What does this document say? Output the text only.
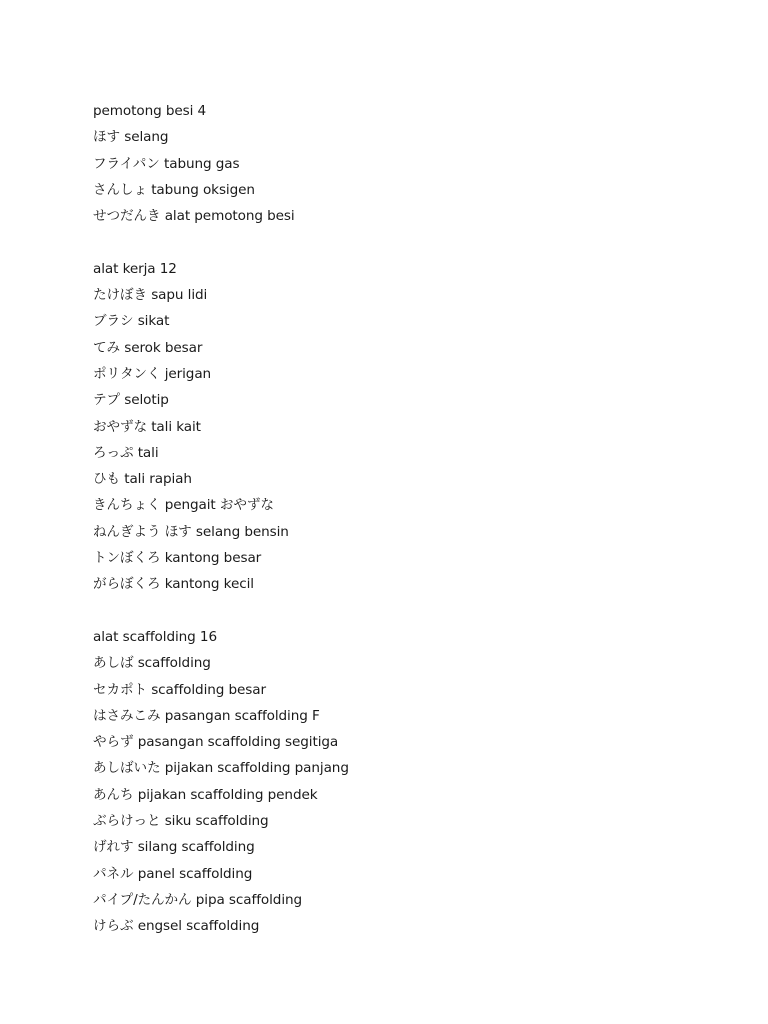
pemotong besi 4
ほす selang
フライパン tabung gas
さんしょ tabung oksigen
せつだんき alat pemotong besi
alat kerja 12
たけぼき sapu lidi
ブラシ sikat
てみ serok besar
ポリタンく jerigan
テプ selotip
おやずな tali kait
ろっぷ tali
ひも tali rapiah
きんちょく pengait おやずな
ねんぎよう ほす selang bensin
トンぼくろ kantong besar
がらぼくろ kantong kecil
alat scaffolding 16
あしば scaffolding
セカポト scaffolding besar
はさみこみ pasangan scaffolding F
やらず pasangan scaffolding segitiga
あしばいた pijakan scaffolding panjang
あんち pijakan scaffolding pendek
ぶらけっと siku scaffolding
げれす silang scaffolding
パネル panel scaffolding
パイプ/たんかん pipa scaffolding
けらぶ engsel scaffolding
